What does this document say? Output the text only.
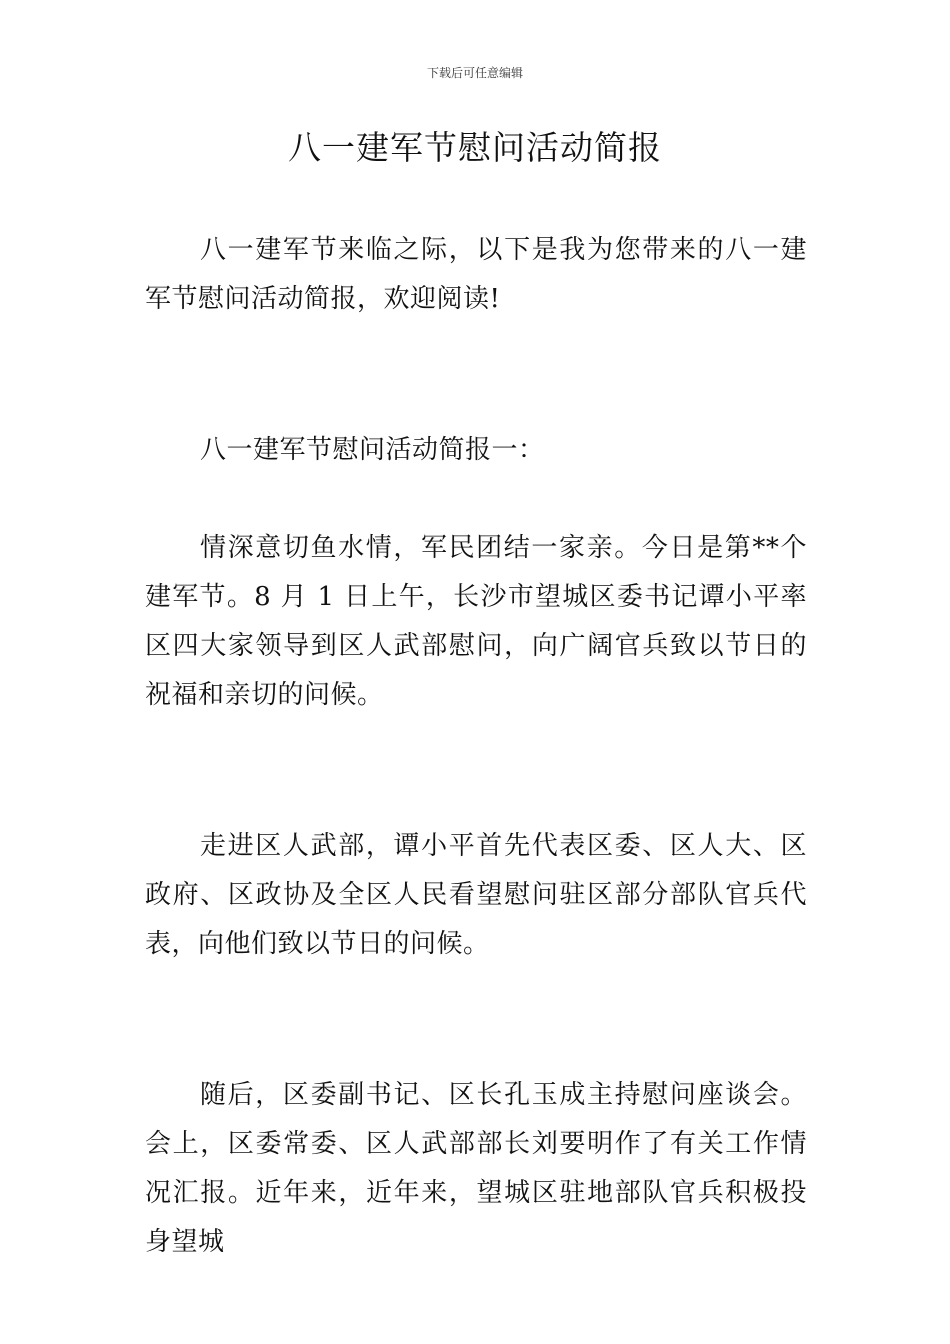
下载后可任意编辑
八一建军节慰问活动简报

八一建军节来临之际，以下是我为您带来的八一建军节慰问活动简报，欢迎阅读!

八一建军节慰问活动简报一：

情深意切鱼水情，军民团结一家亲。今日是第**个建军节。8 月 1 日上午，长沙市望城区委书记谭小平率区四大家领导到区人武部慰问，向广阔官兵致以节日的祝福和亲切的问候。

走进区人武部，谭小平首先代表区委、区人大、区政府、区政协及全区人民看望慰问驻区部分部队官兵代表，向他们致以节日的问候。

随后，区委副书记、区长孔玉成主持慰问座谈会。会上，区委常委、区人武部部长刘要明作了有关工作情况汇报。近年来，近年来，望城区驻地部队官兵积极投身望城
